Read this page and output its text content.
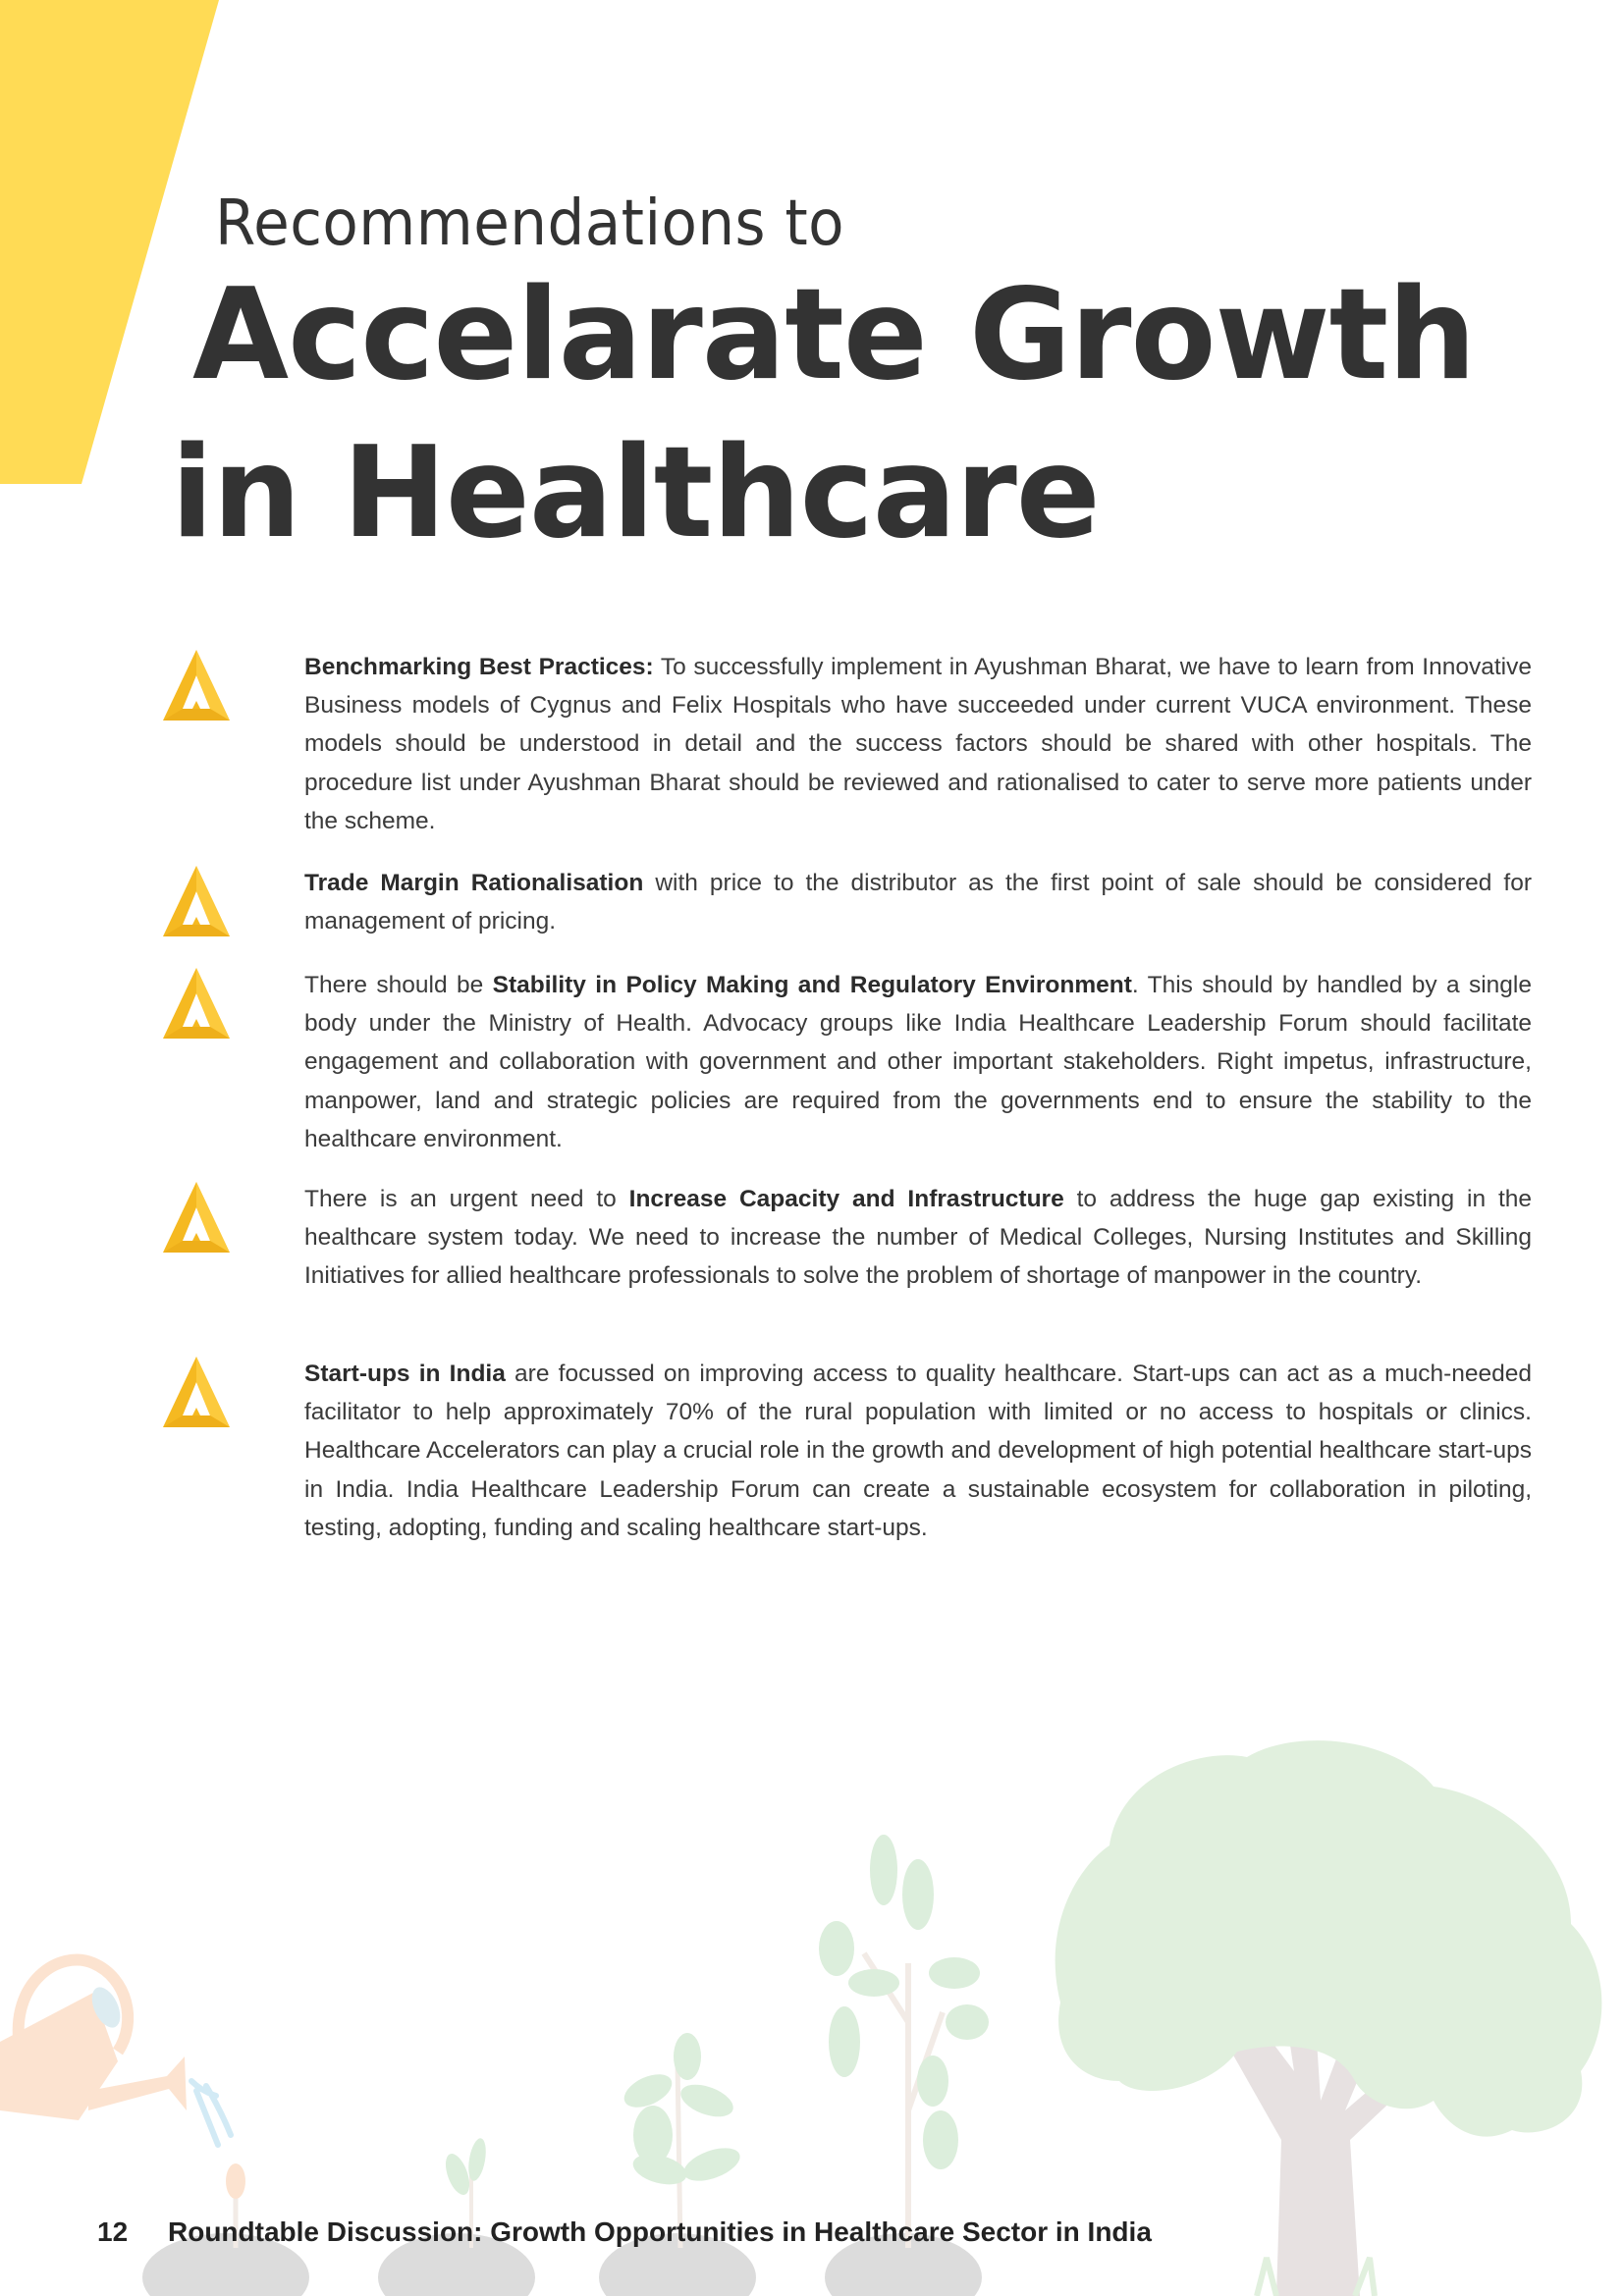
Recommendations to
Accelarate Growth
in Healthcare
Benchmarking Best Practices: To successfully implement in Ayushman Bharat, we have to learn from Innovative Business models of Cygnus and Felix Hospitals who have succeeded under current VUCA environment. These models should be understood in detail and the success factors should be shared with other hospitals. The procedure list under Ayushman Bharat should be reviewed and rationalised to cater to serve more patients under the scheme.
Trade Margin Rationalisation with price to the distributor as the first point of sale should be considered for management of pricing.
There should be Stability in Policy Making and Regulatory Environment. This should by handled by a single body under the Ministry of Health. Advocacy groups like India Healthcare Leadership Forum should facilitate engagement and collaboration with government and other important stakeholders. Right impetus, infrastructure, manpower, land and strategic policies are required from the governments end to ensure the stability to the healthcare environment.
There is an urgent need to Increase Capacity and Infrastructure to address the huge gap existing in the healthcare system today. We need to increase the number of Medical Colleges, Nursing Institutes and Skilling Initiatives for allied healthcare professionals to solve the problem of shortage of manpower in the country.
Start-ups in India are focussed on improving access to quality healthcare. Start-ups can act as a much-needed facilitator to help approximately 70% of the rural population with limited or no access to hospitals or clinics. Healthcare Accelerators can play a crucial role in the growth and development of high potential healthcare start-ups in India. India Healthcare Leadership Forum can create a sustainable ecosystem for collaboration in piloting, testing, adopting, funding and scaling healthcare start-ups.
12 Roundtable Discussion: Growth Opportunities in Healthcare Sector in India
